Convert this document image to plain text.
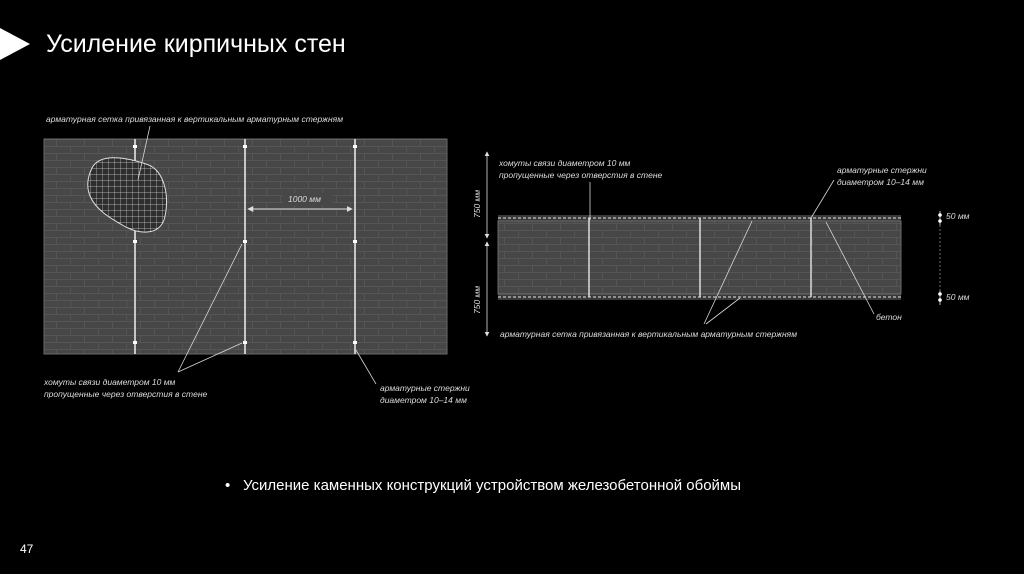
Усиление кирпичных стен
1000 мм
арматурная сетка привязанная к вертикальным арматурным стержням
хомуты связи диаметром 10 мм
пропущенные через отверстия в стене
арматурные стержни
диаметром 10–14 мм
750 мм
750 мм
50 мм
50 мм
хомуты связи диаметром 10 мм
пропущенные через отверстия в стене	арматурные стержни
диаметром 10–14 мм
бетон
арматурная сетка привязанная к вертикальным арматурным стержням
• Усиление каменных конструкций устройством железобетонной обоймы
47
